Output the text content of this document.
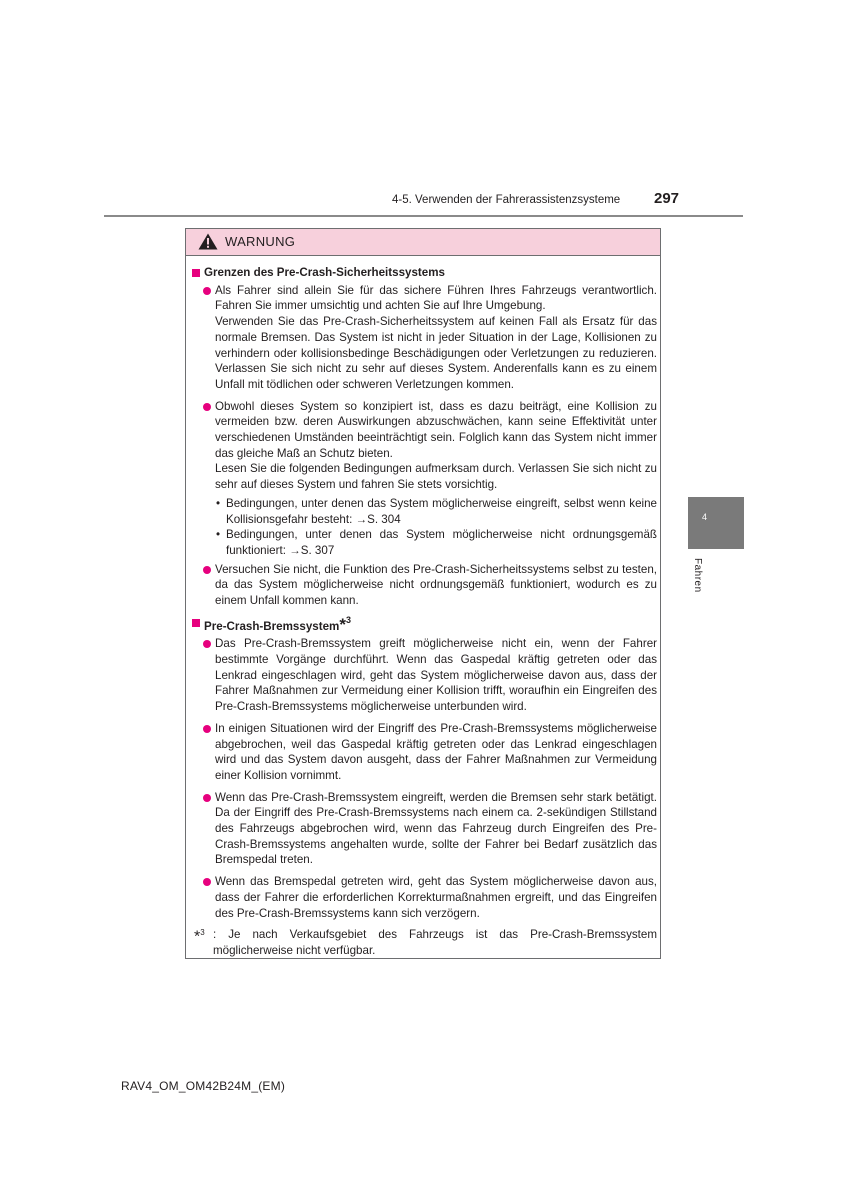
4-5. Verwenden der Fahrerassistenzsysteme 297
4
Fahren
WARNUNG
Grenzen des Pre-Crash-Sicherheitssystems

Als Fahrer sind allein Sie für das sichere Führen Ihres Fahrzeugs verantwortlich. Fahren Sie immer umsichtig und achten Sie auf Ihre Umgebung.

Verwenden Sie das Pre-Crash-Sicherheitssystem auf keinen Fall als Ersatz für das normale Bremsen. Das System ist nicht in jeder Situation in der Lage, Kollisionen zu verhindern oder kollisionsbedinge Beschädigungen oder Verletzungen zu reduzieren. Verlassen Sie sich nicht zu sehr auf dieses System. Anderenfalls kann es zu einem Unfall mit tödlichen oder schweren Verletzungen kommen.

Obwohl dieses System so konzipiert ist, dass es dazu beiträgt, eine Kollision zu vermeiden bzw. deren Auswirkungen abzuschwächen, kann seine Effektivität unter verschiedenen Umständen beeinträchtigt sein. Folglich kann das System nicht immer das gleiche Maß an Schutz bieten.

Lesen Sie die folgenden Bedingungen aufmerksam durch. Verlassen Sie sich nicht zu sehr auf dieses System und fahren Sie stets vorsichtig.

• Bedingungen, unter denen das System möglicherweise eingreift, selbst wenn keine Kollisionsgefahr besteht: →S. 304
• Bedingungen, unter denen das System möglicherweise nicht ordnungsgemäß funktioniert: →S. 307

Versuchen Sie nicht, die Funktion des Pre-Crash-Sicherheitssystems selbst zu testen, da das System möglicherweise nicht ordnungsgemäß funktioniert, wodurch es zu einem Unfall kommen kann.

Pre-Crash-Bremssystem*$^3$

Das Pre-Crash-Bremssystem greift möglicherweise nicht ein, wenn der Fahrer bestimmte Vorgänge durchführt. Wenn das Gaspedal kräftig getreten oder das Lenkrad eingeschlagen wird, geht das System möglicherweise davon aus, dass der Fahrer Maßnahmen zur Vermeidung einer Kollision trifft, woraufhin ein Eingreifen des Pre-Crash-Bremssystems möglicherweise unterbunden wird.

In einigen Situationen wird der Eingriff des Pre-Crash-Bremssystems möglicherweise abgebrochen, weil das Gaspedal kräftig getreten oder das Lenkrad eingeschlagen wird und das System davon ausgeht, dass der Fahrer Maßnahmen zur Vermeidung einer Kollision vornimmt.

Wenn das Pre-Crash-Bremssystem eingreift, werden die Bremsen sehr stark betätigt. Da der Eingriff des Pre-Crash-Bremssystems nach einem ca. 2-sekündigen Stillstand des Fahrzeugs abgebrochen wird, wenn das Fahrzeug durch Eingreifen des Pre-Crash-Bremssystems angehalten wurde, sollte der Fahrer bei Bedarf zusätzlich das Bremspedal treten.

Wenn das Bremspedal getreten wird, geht das System möglicherweise davon aus, dass der Fahrer die erforderlichen Korrekturmaßnahmen ergreift, und das Eingreifen des Pre-Crash-Bremssystems kann sich verzögern.

*$^3$ : Je nach Verkaufsgebiet des Fahrzeugs ist das Pre-Crash-Bremssystem möglicherweise nicht verfügbar.
RAV4_OM_OM42B24M_(EM)
